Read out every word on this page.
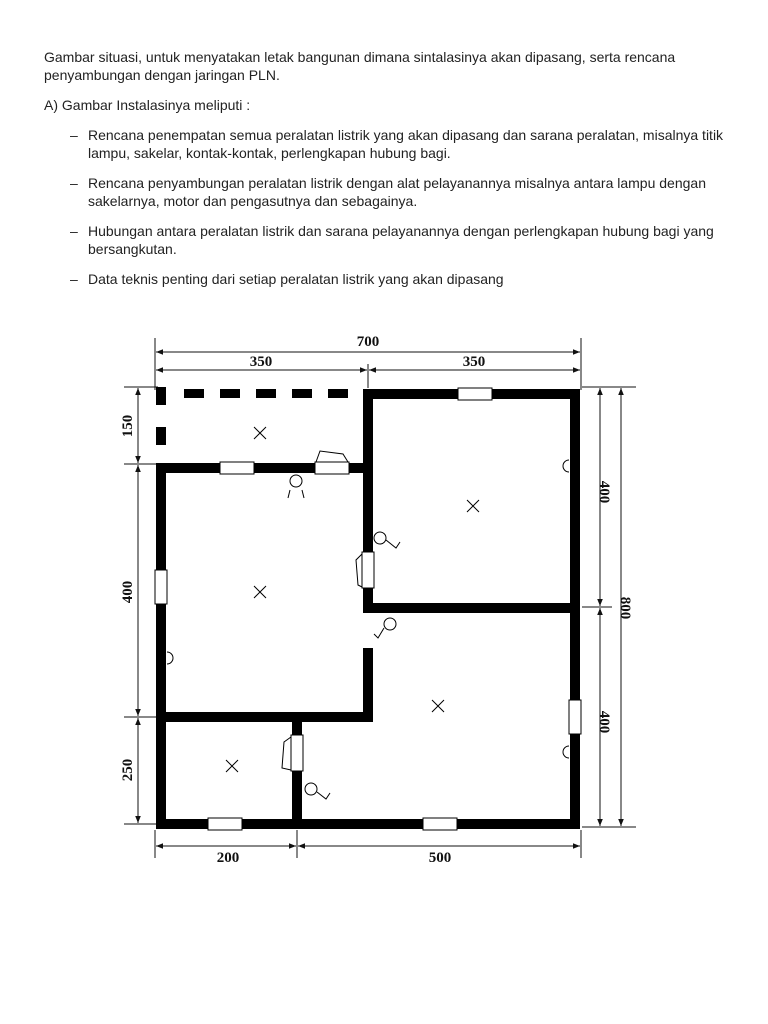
Gambar situasi, untuk menyatakan letak bangunan dimana sintalasinya akan dipasang, serta rencana penyambungan dengan jaringan PLN.

A) Gambar Instalasinya meliputi :

– Rencana penempatan semua peralatan listrik yang akan dipasang dan sarana peralatan, misalnya titik lampu, sakelar, kontak-kontak, perlengkapan hubung bagi.
– Rencana penyambungan peralatan listrik dengan alat pelayanannya misalnya antara lampu dengan sakelarnya, motor dan pengasutnya dan sebagainya.
– Hubungan antara peralatan listrik dan sarana pelayanannya dengan perlengkapan hubung bagi yang bersangkutan.
– Data teknis penting dari setiap peralatan listrik yang akan dipasang
700
350	350
200	500
150
400
250
400
400
800
